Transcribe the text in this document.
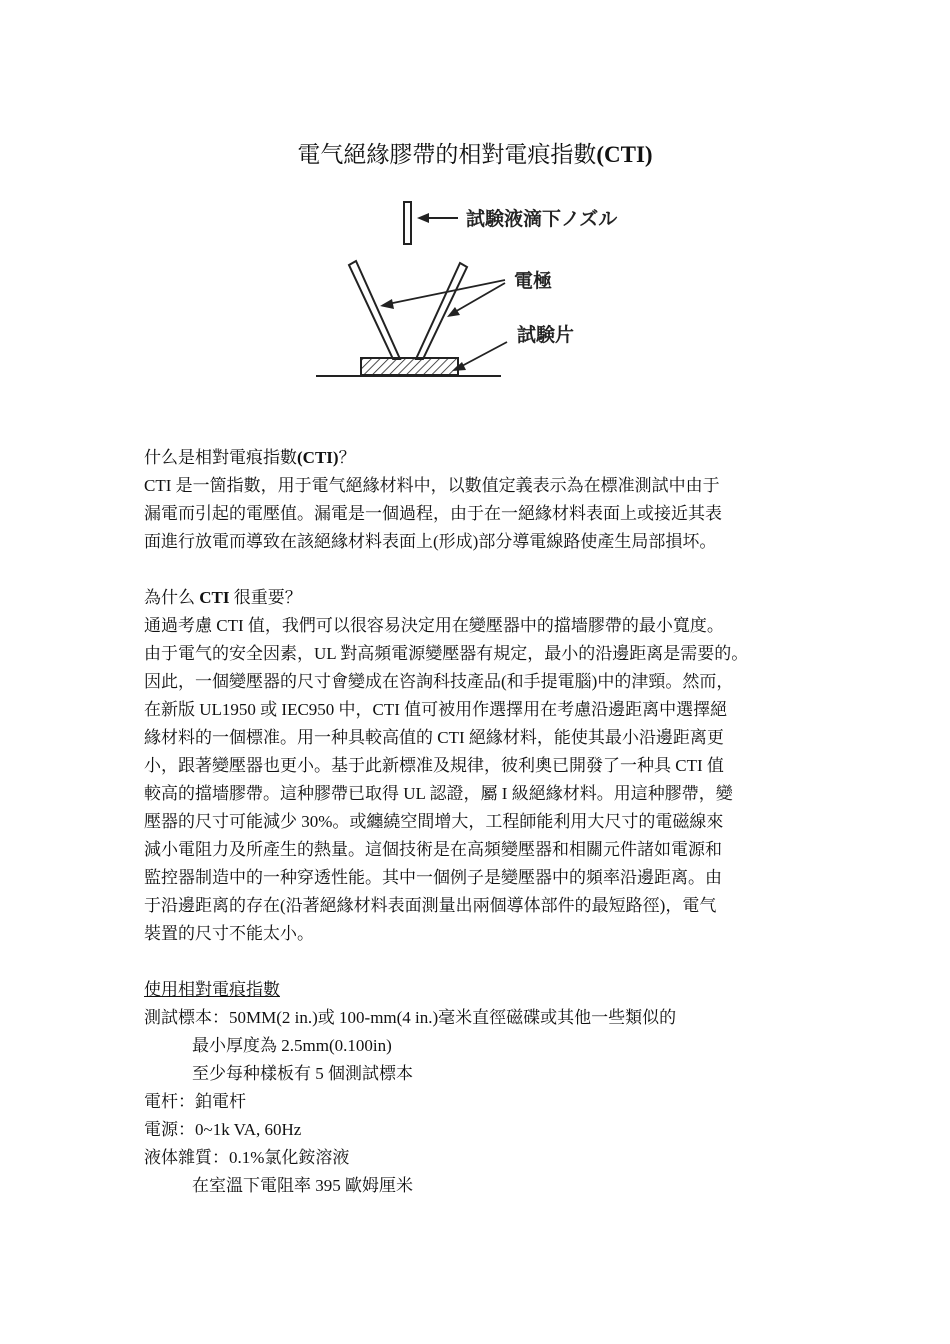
電气絕緣膠帶的相對電痕指數(CTI)
試験液滴下ノズル
電極
試験片
什么是相對電痕指數(CTI)？
CTI 是一箇指數，用于電气絕緣材料中，以數值定義表示為在標准測試中由于
漏電而引起的電壓值。漏電是一個過程，由于在一絕緣材料表面上或接近其表
面進行放電而導致在該絕緣材料表面上(形成)部分導電線路使產生局部損坏。
為什么 CTI 很重要？
通過考慮 CTI 值，我們可以很容易決定用在變壓器中的擋墻膠帶的最小寬度。
由于電气的安全因素，UL 對高頻電源變壓器有規定，最小的沿邊距离是需要的。
因此，一個變壓器的尺寸會變成在咨詢科技產品(和手提電腦)中的津頸。然而，
在新版 UL1950 或 IEC950 中，CTI 值可被用作選擇用在考慮沿邊距离中選擇絕
緣材料的一個標准。用一种具較高值的 CTI 絕緣材料，能使其最小沿邊距离更
小，跟著變壓器也更小。基于此新標准及規律，彼利奧已開發了一种具 CTI 值
較高的擋墻膠帶。這种膠帶已取得 UL 認證，屬 I 級絕緣材料。用這种膠帶，變
壓器的尺寸可能減少 30%。或纏繞空間增大，工程師能利用大尺寸的電磁線來
減小電阻力及所產生的熱量。這個技術是在高頻變壓器和相關元件諸如電源和
監控器制造中的一种穿透性能。其中一個例子是變壓器中的頻率沿邊距离。由
于沿邊距离的存在(沿著絕緣材料表面測量出兩個導体部件的最短路徑)，電气
裝置的尺寸不能太小。
使用相對電痕指數
測試標本：50MM(2 in.)或 100-mm(4 in.)毫米直徑磁碟或其他一些類似的
最小厚度為 2.5mm(0.100in)
至少每种樣板有 5 個測試標本
電杆：鉑電杆
電源：0~1k VA, 60Hz
液体雜質：0.1%氯化銨溶液
在室溫下電阻率 395 歐姆厘米
